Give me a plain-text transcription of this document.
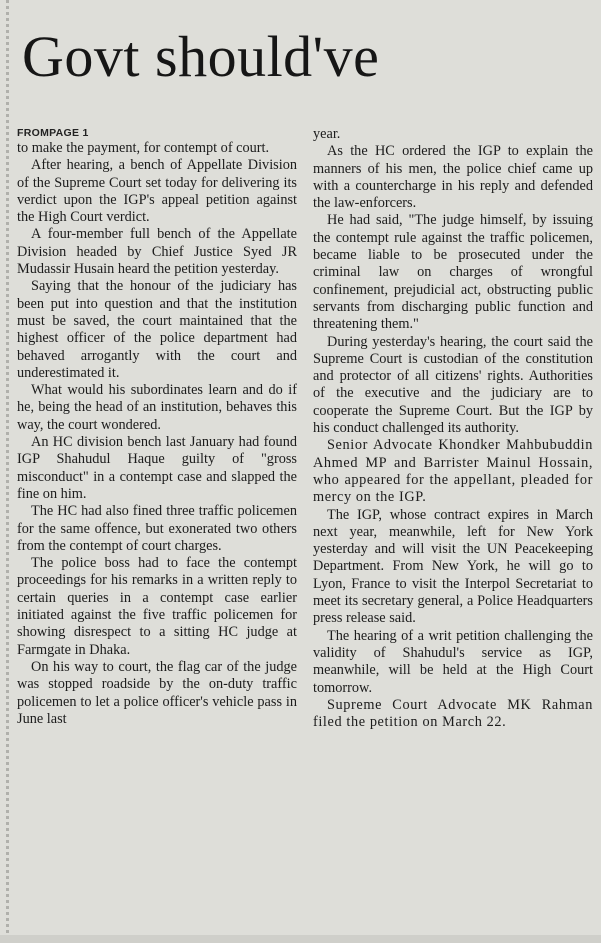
Govt should've
FROMPAGE 1

to make the payment, for contempt of court.

After hearing, a bench of Appellate Division of the Supreme Court set today for delivering its verdict upon the IGP's appeal petition against the High Court verdict.

A four-member full bench of the Appellate Division headed by Chief Justice Syed JR Mudassir Husain heard the petition yesterday.

Saying that the honour of the judiciary has been put into question and that the institution must be saved, the court maintained that the highest officer of the police department had behaved arrogantly with the court and underestimated it.

What would his subordinates learn and do if he, being the head of an institution, behaves this way, the court wondered.

An HC division bench last January had found IGP Shahudul Haque guilty of "gross misconduct" in a contempt case and slapped the fine on him.

The HC had also fined three traffic policemen for the same offence, but exonerated two others from the contempt of court charges.

The police boss had to face the contempt proceedings for his remarks in a written reply to certain queries in a contempt case earlier initiated against the five traffic policemen for showing disrespect to a sitting HC judge at Farmgate in Dhaka.

On his way to court, the flag car of the judge was stopped roadside by the on-duty traffic policemen to let a police officer's vehicle pass in June last

year.

As the HC ordered the IGP to explain the manners of his men, the police chief came up with a countercharge in his reply and defended the law-enforcers.

He had said, "The judge himself, by issuing the contempt rule against the traffic policemen, became liable to be prosecuted under the criminal law on charges of wrongful confinement, prejudicial act, obstructing public servants from discharging public function and threatening them."

During yesterday's hearing, the court said the Supreme Court is custodian of the constitution and protector of all citizens' rights. Authorities of the executive and the judiciary are to cooperate the Supreme Court. But the IGP by his conduct challenged its authority.

Senior Advocate Khondker Mahbubuddin Ahmed MP and Barrister Mainul Hossain, who appeared for the appellant, pleaded for mercy on the IGP.

The IGP, whose contract expires in March next year, meanwhile, left for New York yesterday and will visit the UN Peacekeeping Department. From New York, he will go to Lyon, France to visit the Interpol Secretariat to meet its secretary general, a Police Headquarters press release said.

The hearing of a writ petition challenging the validity of Shahudul's service as IGP, meanwhile, will be held at the High Court tomorrow.

Supreme Court Advocate MK Rahman filed the petition on March 22.
